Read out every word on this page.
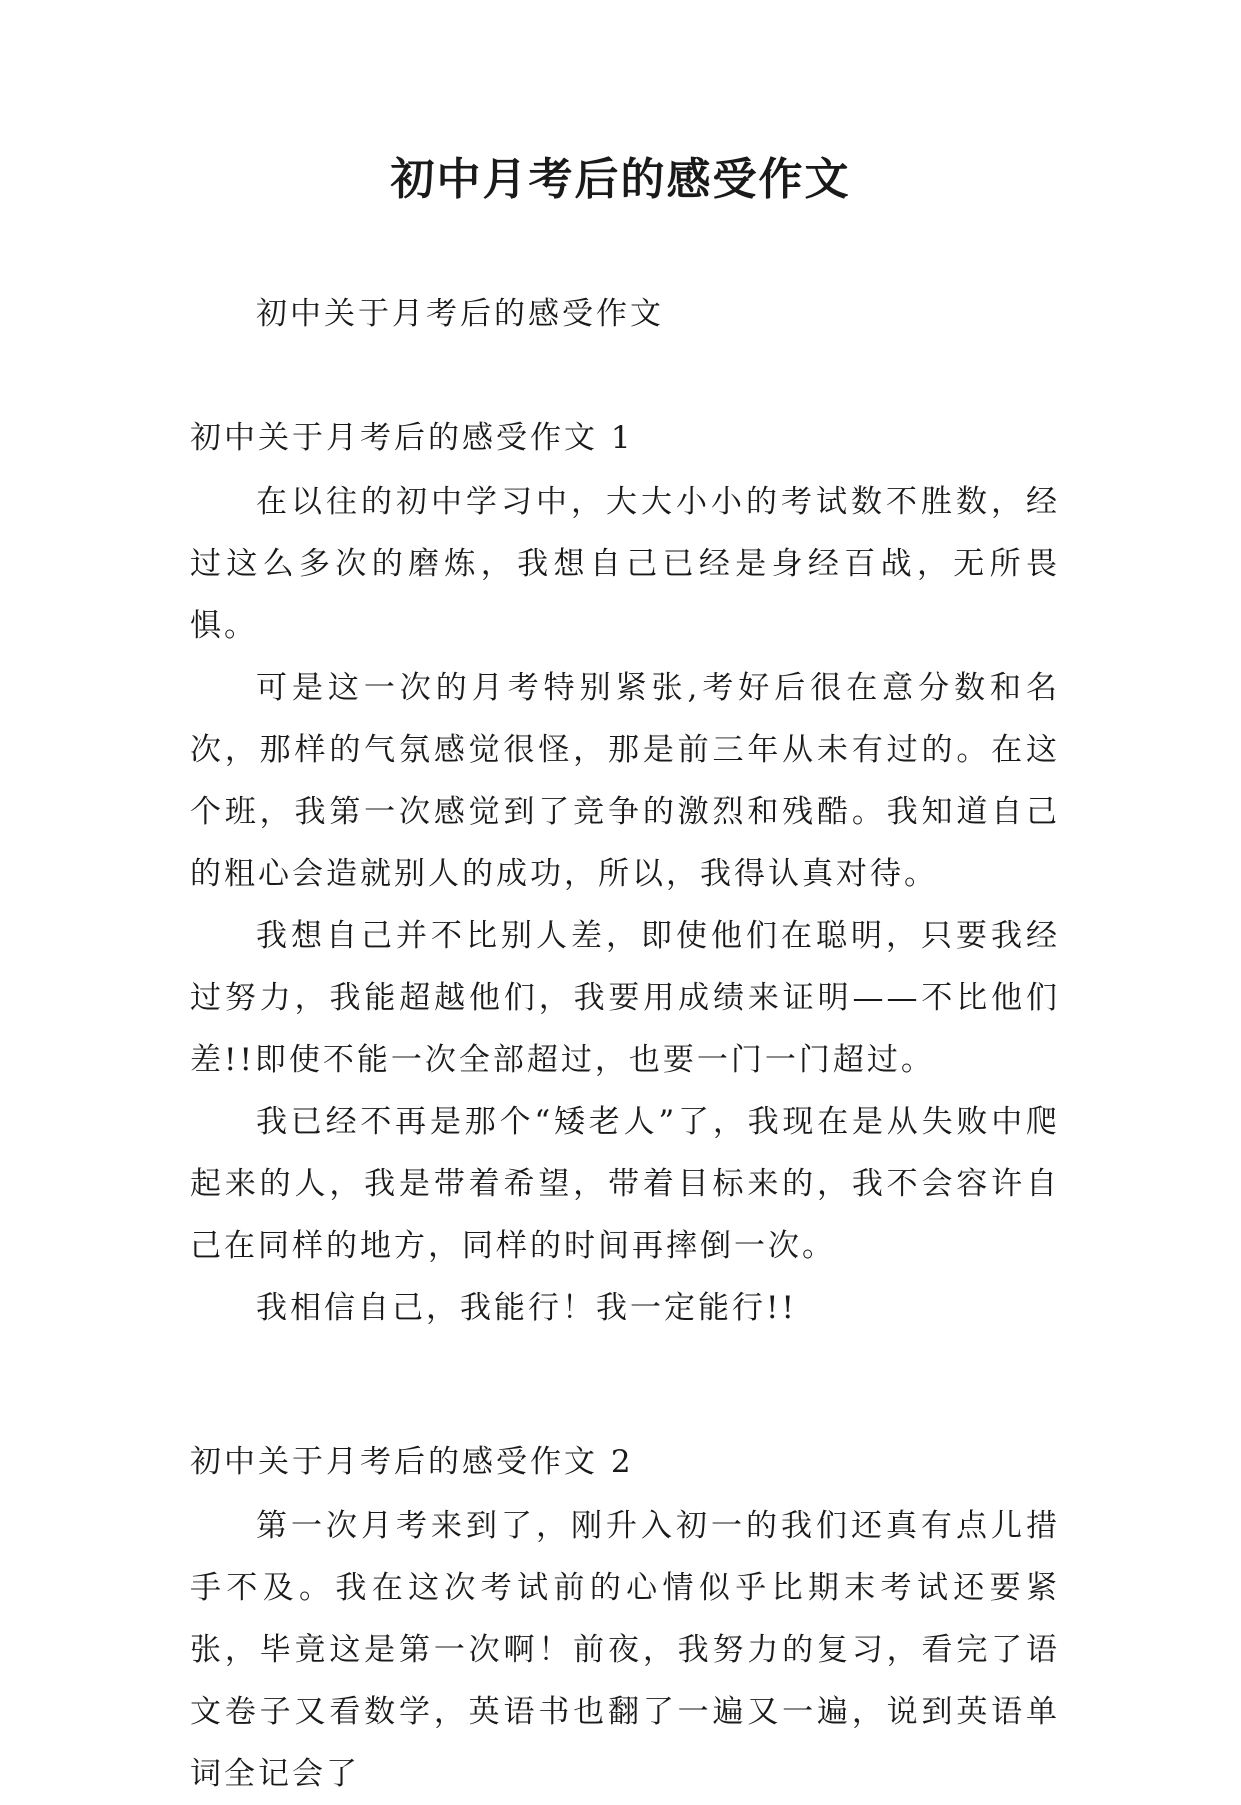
初中月考后的感受作文

初中关于月考后的感受作文

初中关于月考后的感受作文 1

在以往的初中学习中，大大小小的考试数不胜数，经过这么多次的磨炼，我想自己已经是身经百战，无所畏惧。

可是这一次的月考特别紧张,考好后很在意分数和名次，那样的气氛感觉很怪，那是前三年从未有过的。在这个班，我第一次感觉到了竞争的激烈和残酷。我知道自己的粗心会造就别人的成功，所以，我得认真对待。

我想自己并不比别人差，即使他们在聪明，只要我经过努力，我能超越他们，我要用成绩来证明——不比他们差!!即使不能一次全部超过，也要一门一门超过。

我已经不再是那个“矮老人”了，我现在是从失败中爬起来的人，我是带着希望，带着目标来的，我不会容许自己在同样的地方，同样的时间再摔倒一次。

我相信自己，我能行！我一定能行!!

初中关于月考后的感受作文 2

第一次月考来到了，刚升入初一的我们还真有点儿措手不及。我在这次考试前的心情似乎比期末考试还要紧张，毕竟这是第一次啊！前夜，我努力的复习，看完了语文卷子又看数学，英语书也翻了一遍又一遍，说到英语单词全记会了
